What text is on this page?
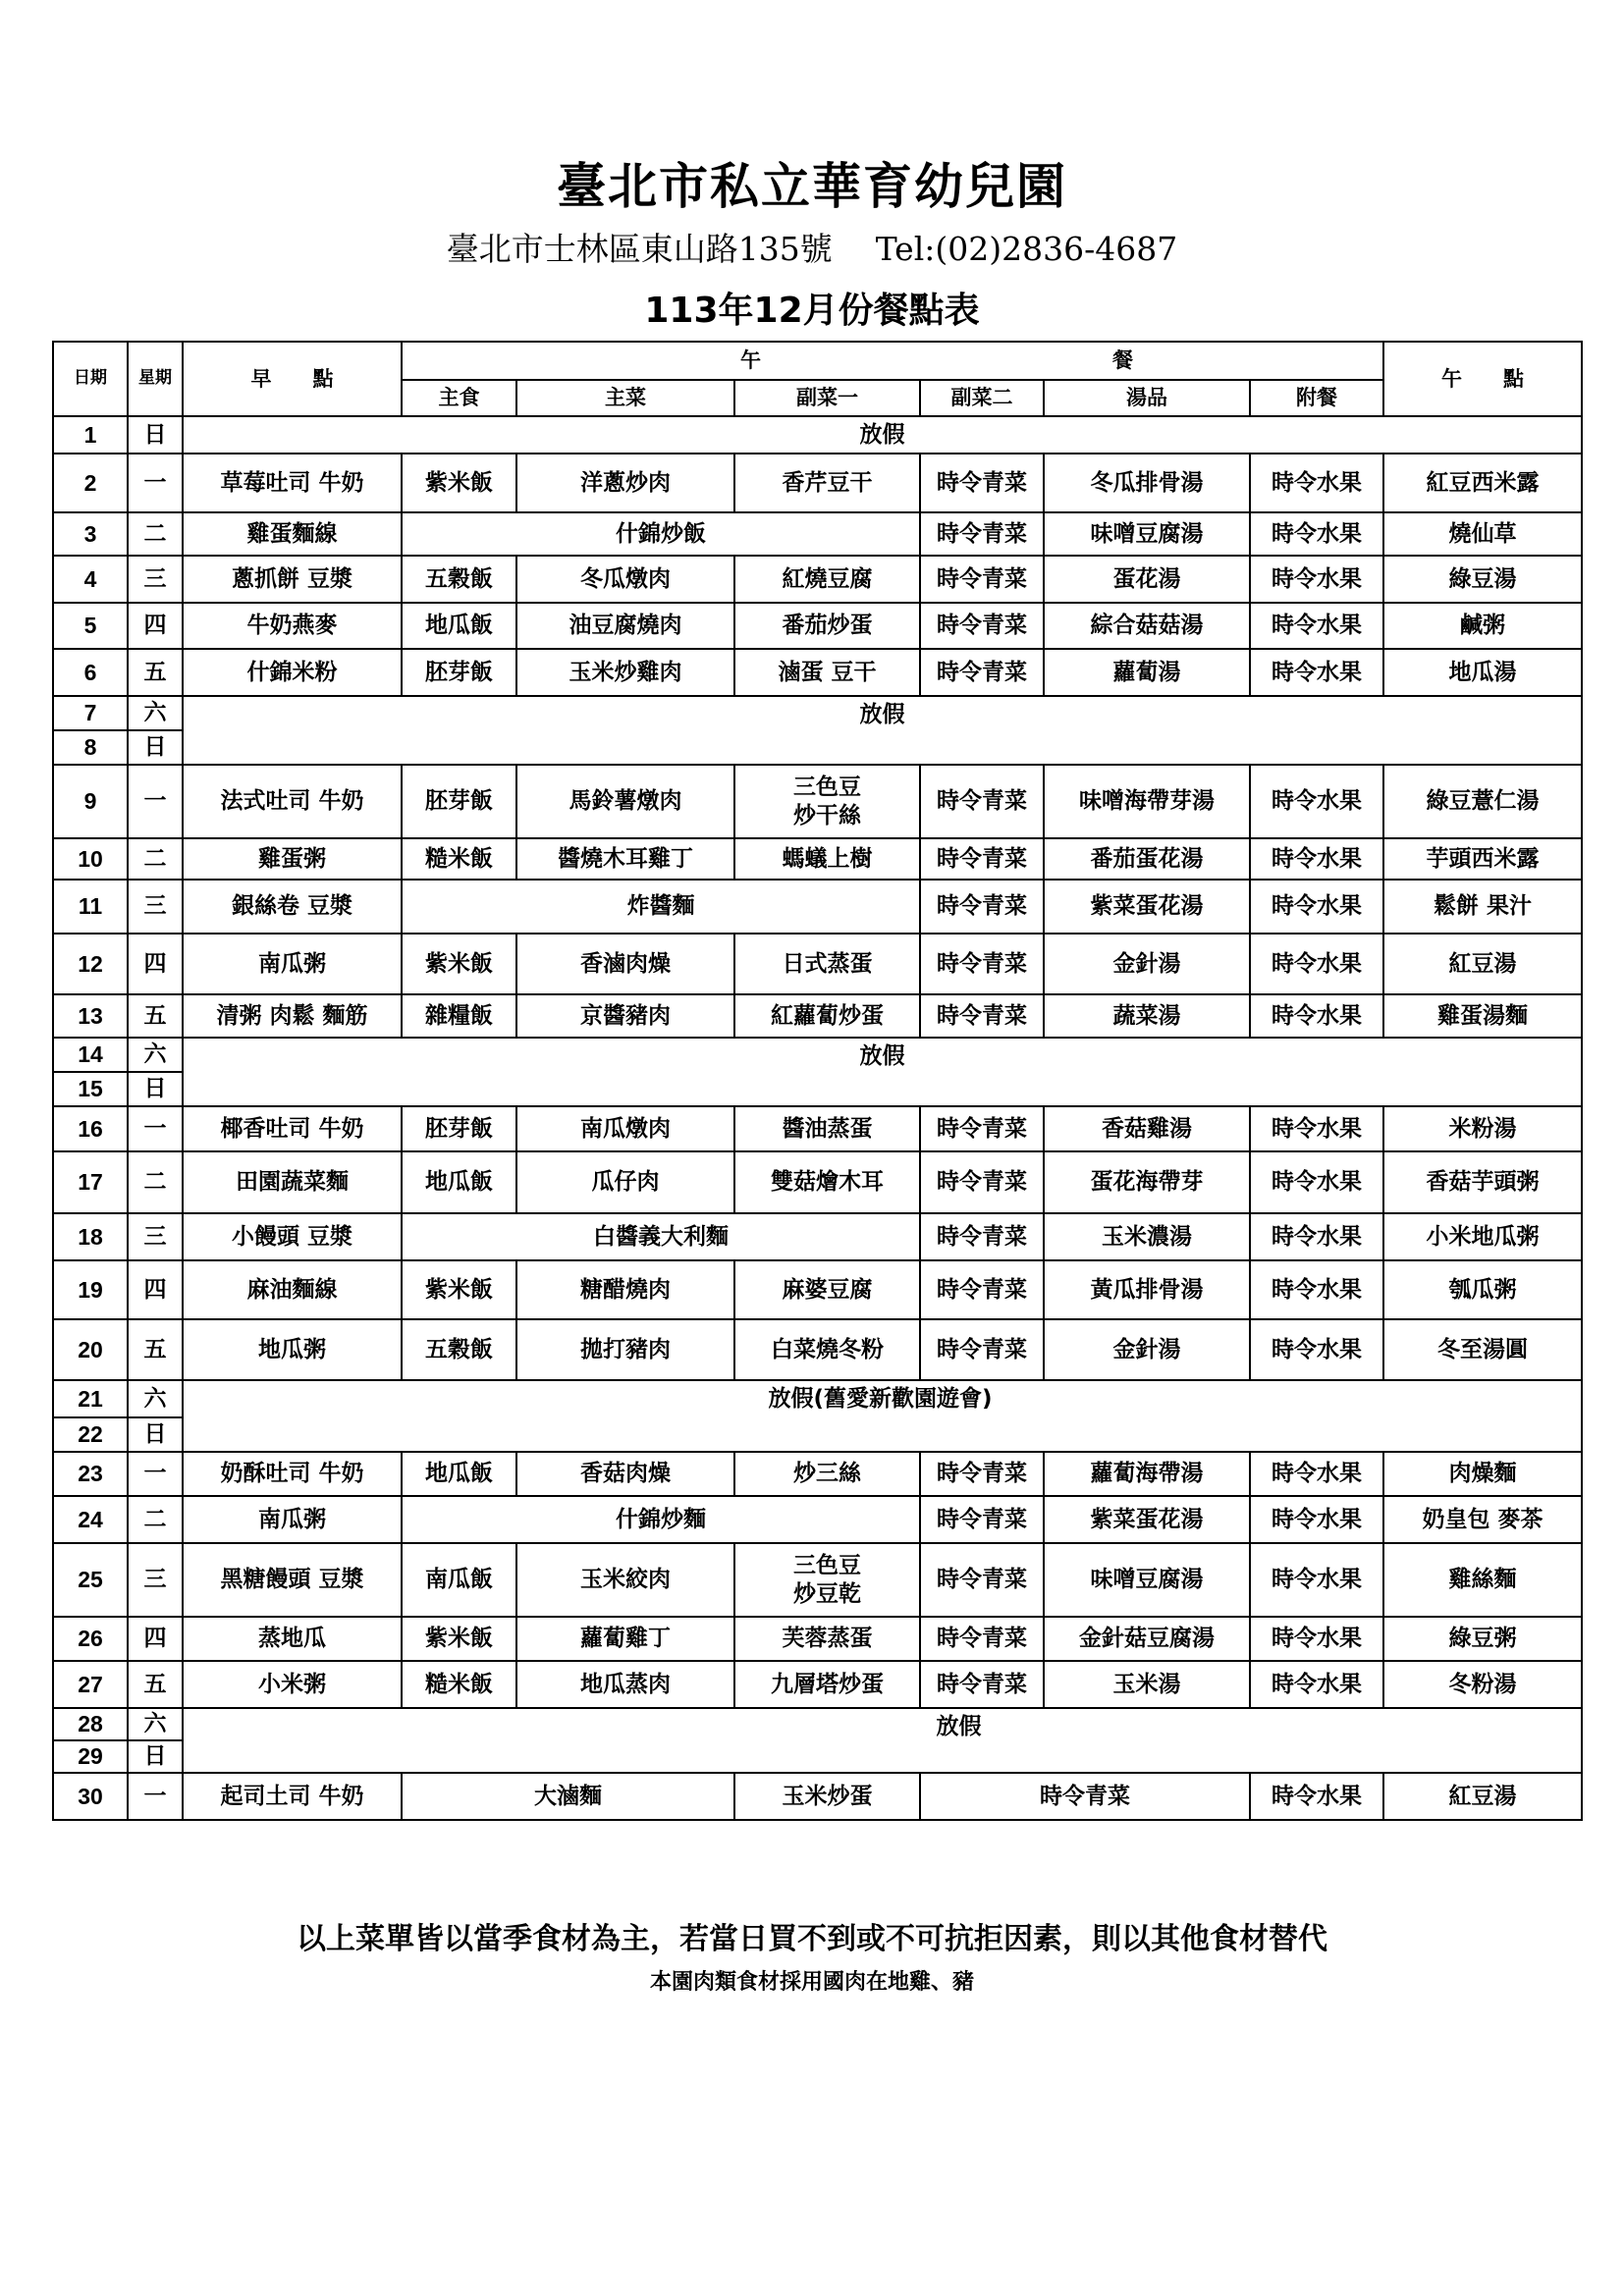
臺北市私立華育幼兒園
臺北市士林區東山路135號 Tel:(02)2836-4687
113年12月份餐點表
日期	星期	早　　點	午				餐		午　　點
			主食	主菜	副菜一	副菜二	湯品	附餐	
1	日	放假							
2	一	草莓吐司 牛奶	紫米飯	洋蔥炒肉	香芹豆干	時令青菜	冬瓜排骨湯	時令水果	紅豆西米露
3	二	雞蛋麵線	什錦炒飯			時令青菜	味噌豆腐湯	時令水果	燒仙草
4	三	蔥抓餅 豆漿	五穀飯	冬瓜燉肉	紅燒豆腐	時令青菜	蛋花湯	時令水果	綠豆湯
5	四	牛奶燕麥	地瓜飯	油豆腐燒肉	番茄炒蛋	時令青菜	綜合菇菇湯	時令水果	鹹粥
6	五	什錦米粉	胚芽飯	玉米炒雞肉	滷蛋 豆干	時令青菜	蘿蔔湯	時令水果	地瓜湯
7	六	放假							
8	日								
9	一	法式吐司 牛奶	胚芽飯	馬鈴薯燉肉	三色豆
炒干絲	時令青菜	味噌海帶芽湯	時令水果	綠豆薏仁湯
10	二	雞蛋粥	糙米飯	醬燒木耳雞丁	螞蟻上樹	時令青菜	番茄蛋花湯	時令水果	芋頭西米露
11	三	銀絲卷 豆漿	炸醬麵			時令青菜	紫菜蛋花湯	時令水果	鬆餅 果汁
12	四	南瓜粥	紫米飯	香滷肉燥	日式蒸蛋	時令青菜	金針湯	時令水果	紅豆湯
13	五	清粥 肉鬆 麵筋	雜糧飯	京醬豬肉	紅蘿蔔炒蛋	時令青菜	蔬菜湯	時令水果	雞蛋湯麵
14	六	放假							
15	日								
16	一	椰香吐司 牛奶	胚芽飯	南瓜燉肉	醬油蒸蛋	時令青菜	香菇雞湯	時令水果	米粉湯
17	二	田園蔬菜麵	地瓜飯	瓜仔肉	雙菇燴木耳	時令青菜	蛋花海帶芽	時令水果	香菇芋頭粥
18	三	小饅頭 豆漿	白醬義大利麵			時令青菜	玉米濃湯	時令水果	小米地瓜粥
19	四	麻油麵線	紫米飯	糖醋燒肉	麻婆豆腐	時令青菜	黃瓜排骨湯	時令水果	瓠瓜粥
20	五	地瓜粥	五穀飯	拋打豬肉	白菜燒冬粉	時令青菜	金針湯	時令水果	冬至湯圓
21	六	放假(舊愛新歡園遊會)							
22	日								
23	一	奶酥吐司 牛奶	地瓜飯	香菇肉燥	炒三絲	時令青菜	蘿蔔海帶湯	時令水果	肉燥麵
24	二	南瓜粥	什錦炒麵			時令青菜	紫菜蛋花湯	時令水果	奶皇包 麥茶
25	三	黑糖饅頭 豆漿	南瓜飯	玉米絞肉	三色豆
炒豆乾	時令青菜	味噌豆腐湯	時令水果	雞絲麵
26	四	蒸地瓜	紫米飯	蘿蔔雞丁	芙蓉蒸蛋	時令青菜	金針菇豆腐湯	時令水果	綠豆粥
27	五	小米粥	糙米飯	地瓜蒸肉	九層塔炒蛋	時令青菜	玉米湯	時令水果	冬粉湯
28	六	放假							
29	日								
30	一	起司土司 牛奶	大滷麵		玉米炒蛋	時令青菜		時令水果	紅豆湯
以上菜單皆以當季食材為主，若當日買不到或不可抗拒因素，則以其他食材替代
本園肉類食材採用國肉在地雞、豬
